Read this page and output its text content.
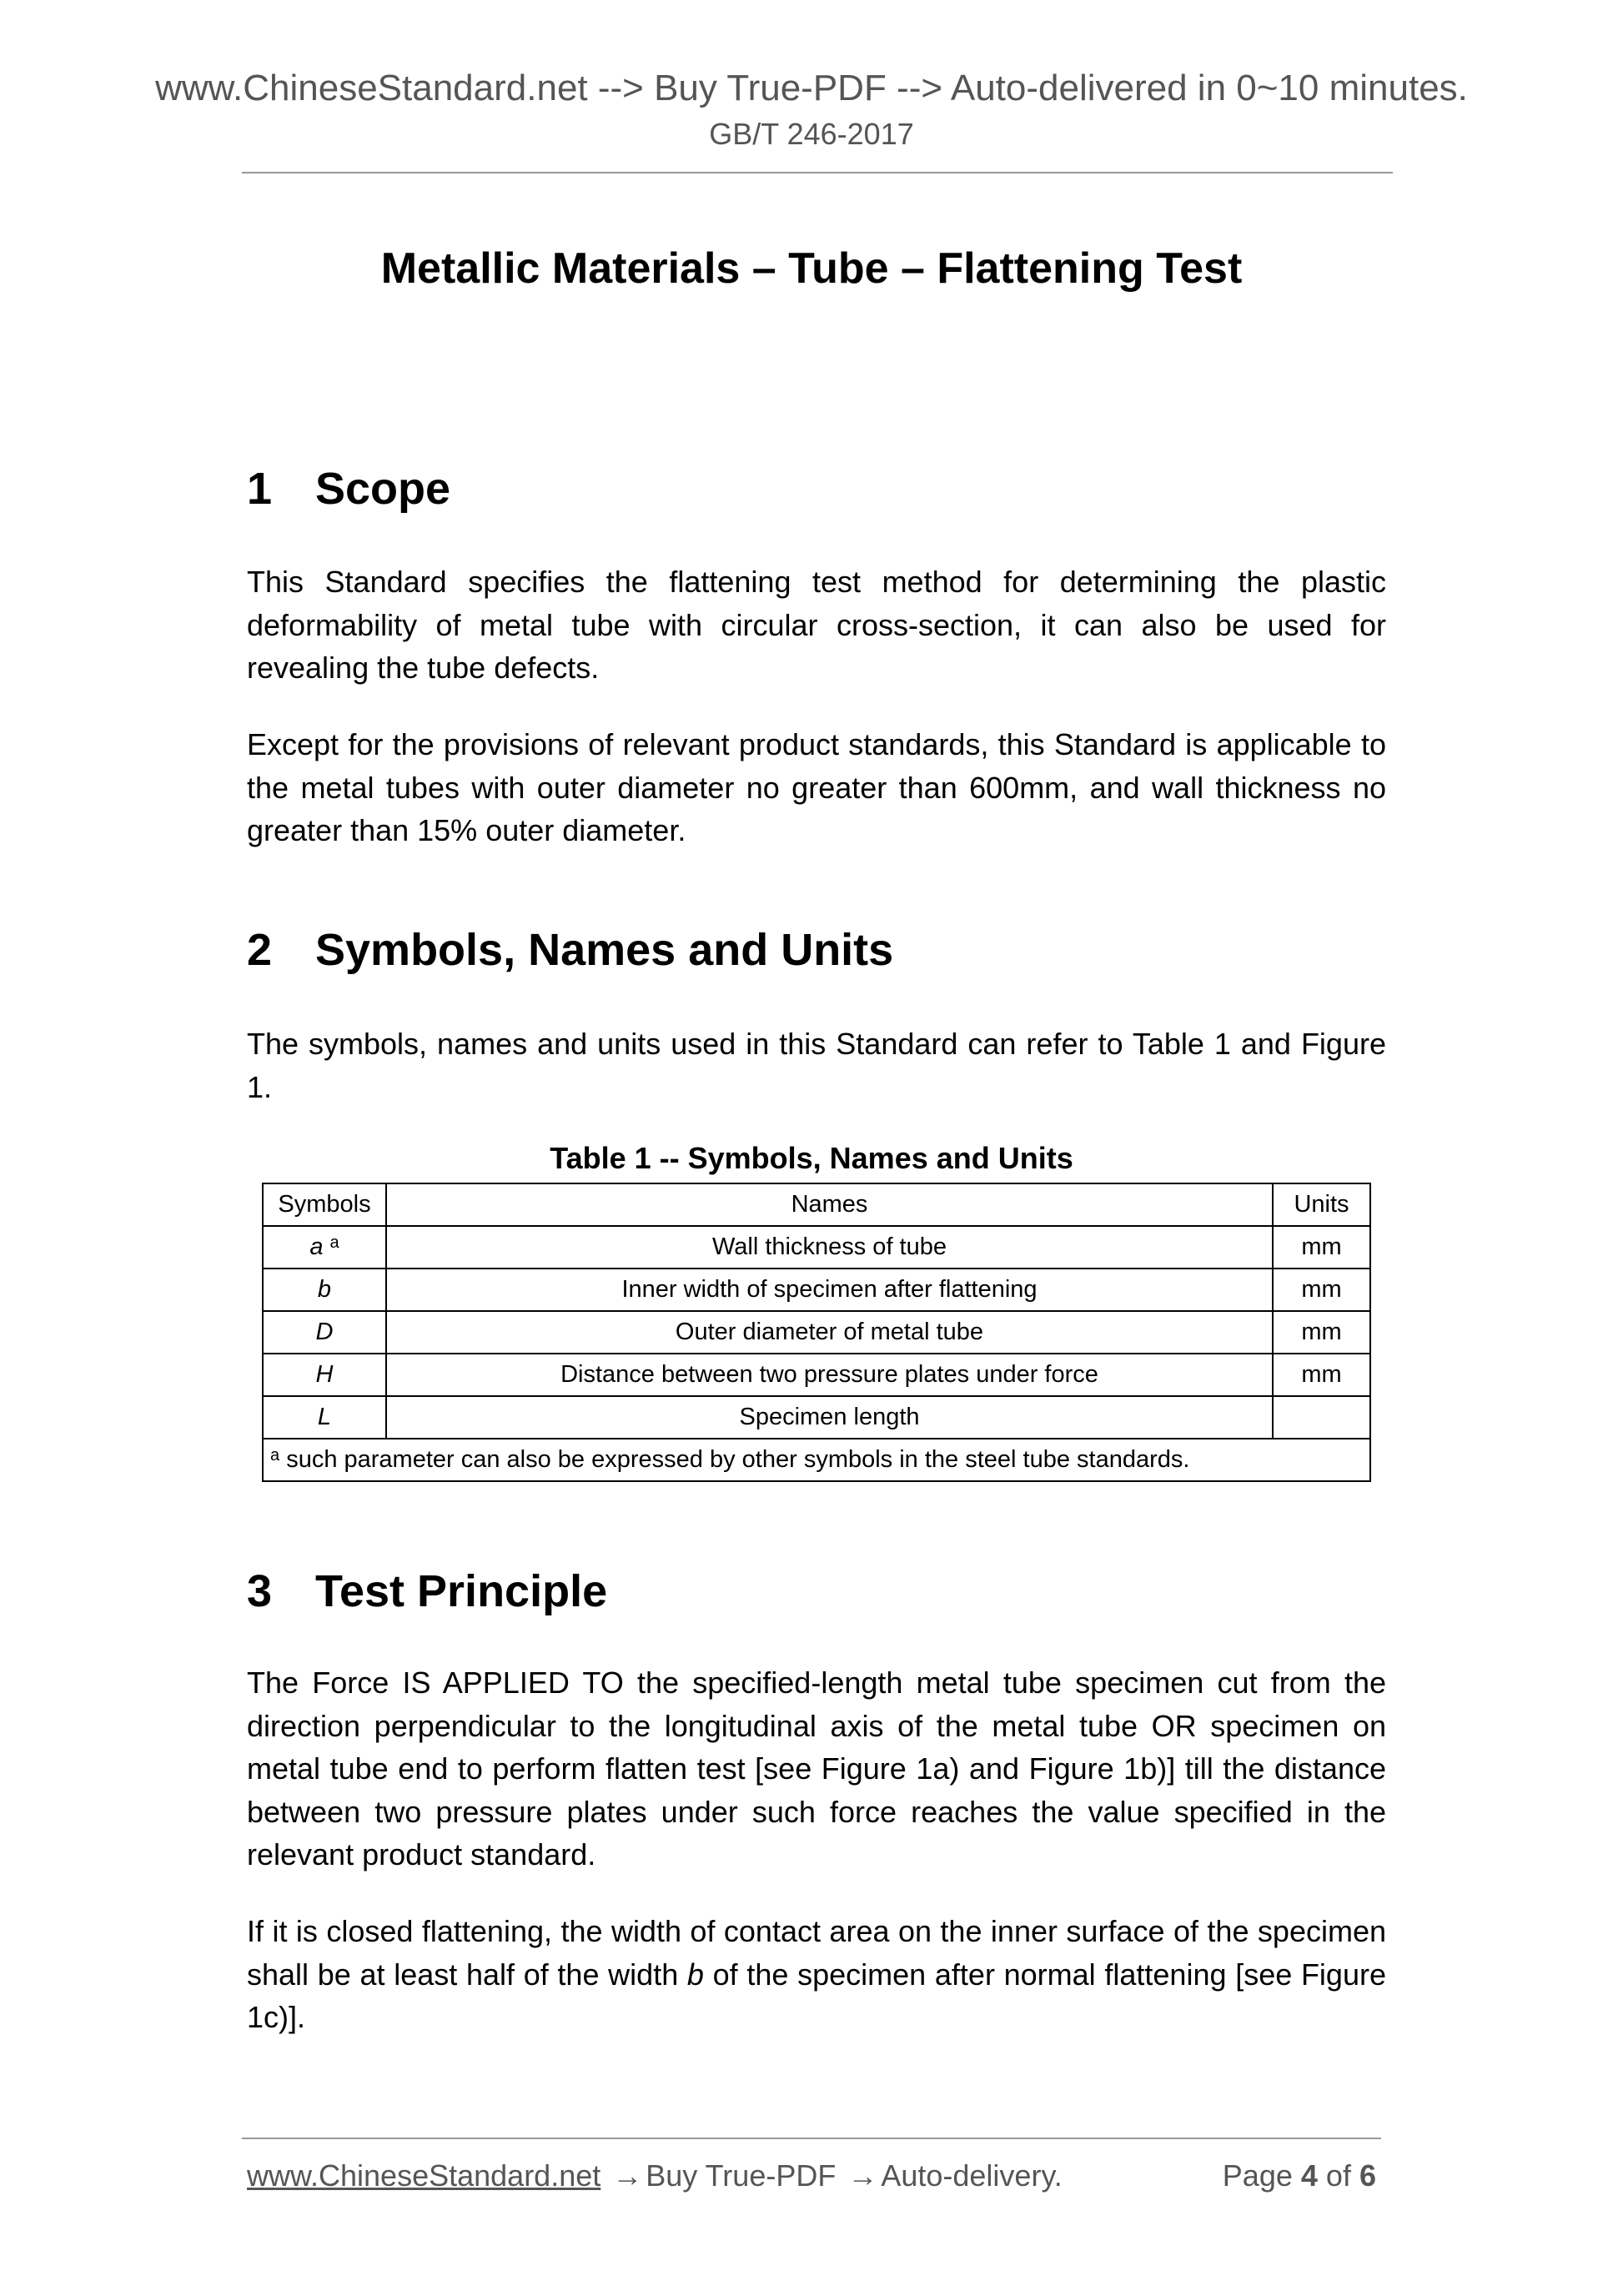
www.ChineseStandard.net --> Buy True-PDF --> Auto-delivered in 0~10 minutes.
GB/T 246-2017
Metallic Materials – Tube – Flattening Test
1 Scope

This Standard specifies the flattening test method for determining the plastic deformability of metal tube with circular cross-section, it can also be used for revealing the tube defects.

Except for the provisions of relevant product standards, this Standard is applicable to the metal tubes with outer diameter no greater than 600mm, and wall thickness no greater than 15% outer diameter.

2 Symbols, Names and Units

The symbols, names and units used in this Standard can refer to Table 1 and Figure 1.

Table 1 -- Symbols, Names and Units
Symbols	Names	Units
a $^a$	Wall thickness of tube	mm
b	Inner width of specimen after flattening	mm
D	Outer diameter of metal tube	mm
H	Distance between two pressure plates under force	mm
L	Specimen length	
$^a$ such parameter can also be expressed by other symbols in the steel tube standards.		
3 Test Principle

The Force IS APPLIED TO the specified-length metal tube specimen cut from the direction perpendicular to the longitudinal axis of the metal tube OR specimen on metal tube end to perform flatten test [see Figure 1a) and Figure 1b)] till the distance between two pressure plates under such force reaches the value specified in the relevant product standard.

If it is closed flattening, the width of contact area on the inner surface of the specimen shall be at least half of the width b of the specimen after normal flattening [see Figure 1c)].

www.ChineseStandard.net → Buy True-PDF → Auto-delivery.	Page 4 of 6
